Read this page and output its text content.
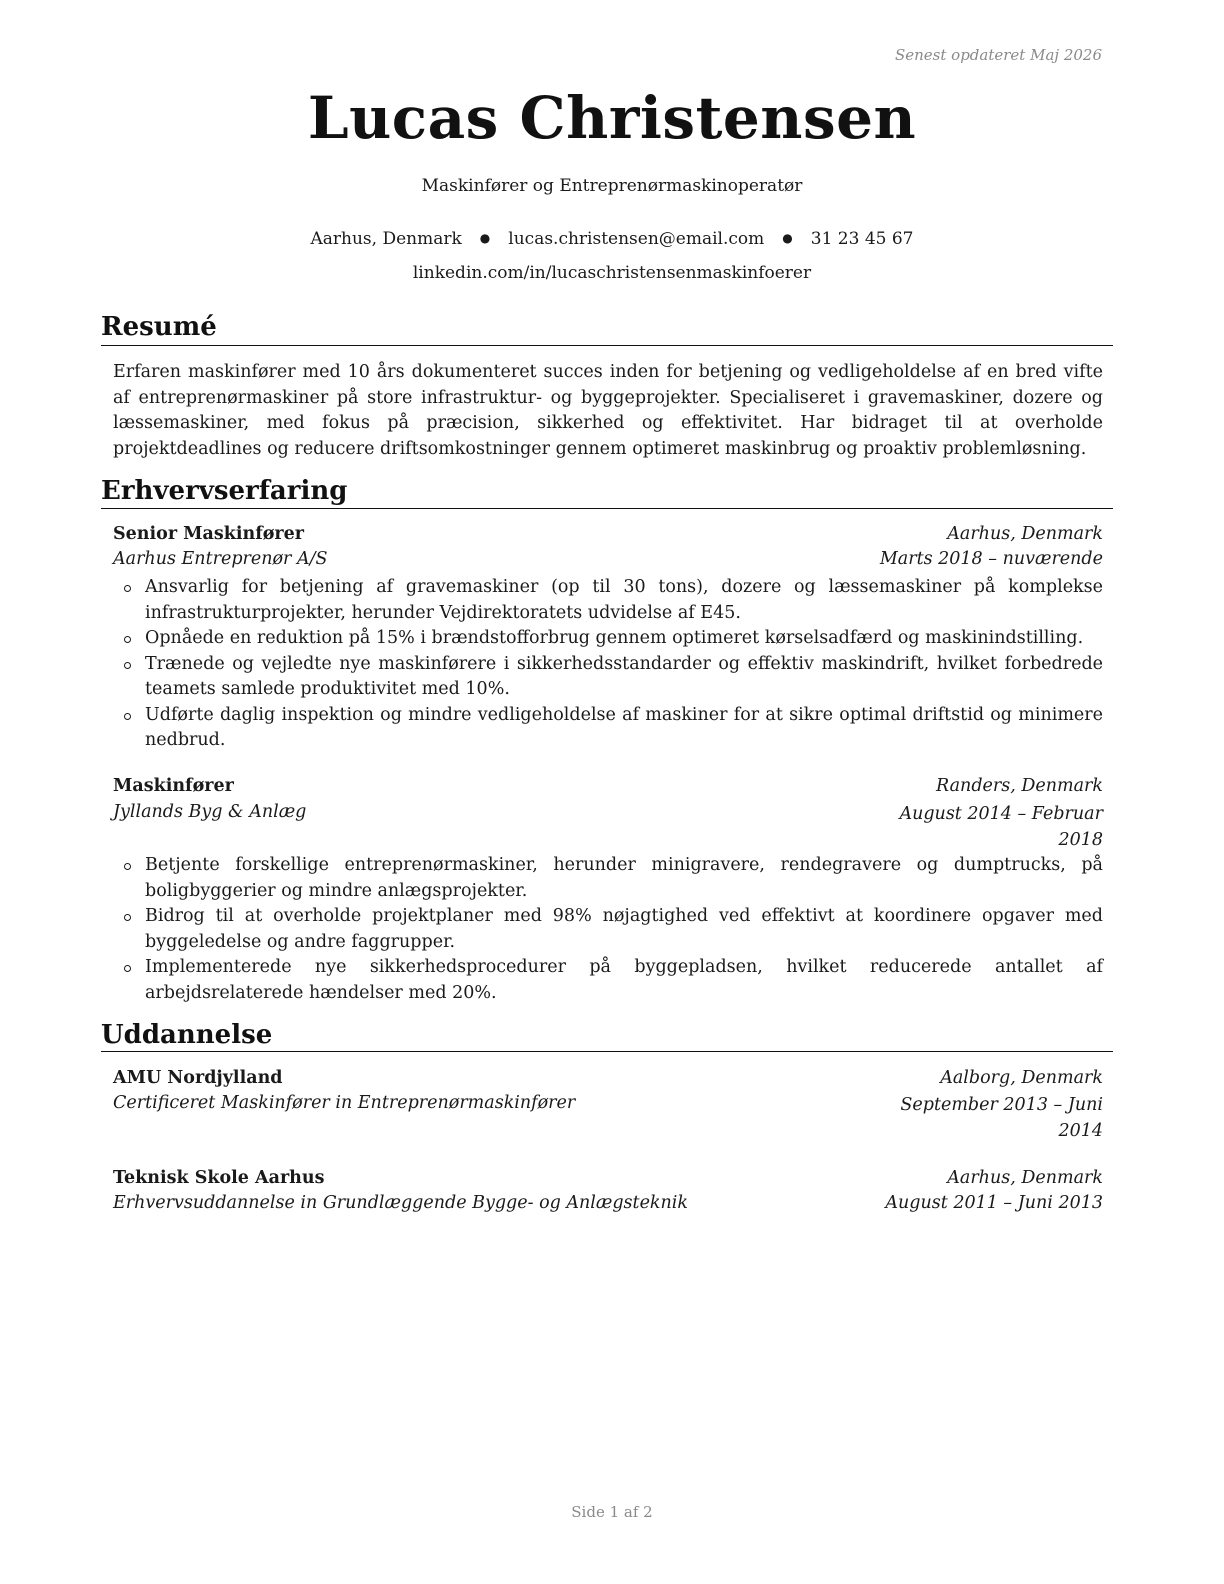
Senest opdateret Maj 2026
Lucas Christensen
Maskinfører og Entreprenørmaskinoperatør
Aarhus, Denmark ● lucas.christensen@email.com ● 31 23 45 67
linkedin.com/in/lucaschristensenmaskinfoerer
Resumé
Erfaren maskinfører med 10 års dokumenteret succes inden for betjening og vedligeholdelse af en bred vifte af entreprenørmaskiner på store infrastruktur- og byggeprojekter. Specialiseret i gravemaskiner, dozere og læssemaskiner, med fokus på præcision, sikkerhed og effektivitet. Har bidraget til at overholde projektdeadlines og reducere driftsomkostninger gennem optimeret maskinbrug og proaktiv problemløsning.
Erhvervserfaring
Senior Maskinfører	Aarhus, Denmark
Aarhus Entreprenør A/S	Marts 2018 – nuværende
Ansvarlig for betjening af gravemaskiner (op til 30 tons), dozere og læssemaskiner på komplekse infrastrukturprojekter, herunder Vejdirektoratets udvidelse af E45.
Opnåede en reduktion på 15% i brændstofforbrug gennem optimeret kørselsadfærd og maskinindstilling.
Trænede og vejledte nye maskinførere i sikkerhedsstandarder og effektiv maskindrift, hvilket forbedrede teamets samlede produktivitet med 10%.
Udførte daglig inspektion og mindre vedligeholdelse af maskiner for at sikre optimal driftstid og minimere nedbrud.
Maskinfører	Randers, Denmark
Jyllands Byg & Anlæg	August 2014 – Februar 2018
Betjente forskellige entreprenørmaskiner, herunder minigravere, rendegravere og dumptrucks, på boligbyggerier og mindre anlægsprojekter.
Bidrog til at overholde projektplaner med 98% nøjagtighed ved effektivt at koordinere opgaver med byggeledelse og andre faggrupper.
Implementerede nye sikkerhedsprocedurer på byggepladsen, hvilket reducerede antallet af arbejdsrelaterede hændelser med 20%.
Uddannelse
AMU Nordjylland	Aalborg, Denmark
Certificeret Maskinfører in Entreprenørmaskinfører	September 2013 – Juni 2014
Teknisk Skole Aarhus	Aarhus, Denmark
Erhvervsuddannelse in Grundlæggende Bygge- og Anlægsteknik	August 2011 – Juni 2013
Side 1 af 2
